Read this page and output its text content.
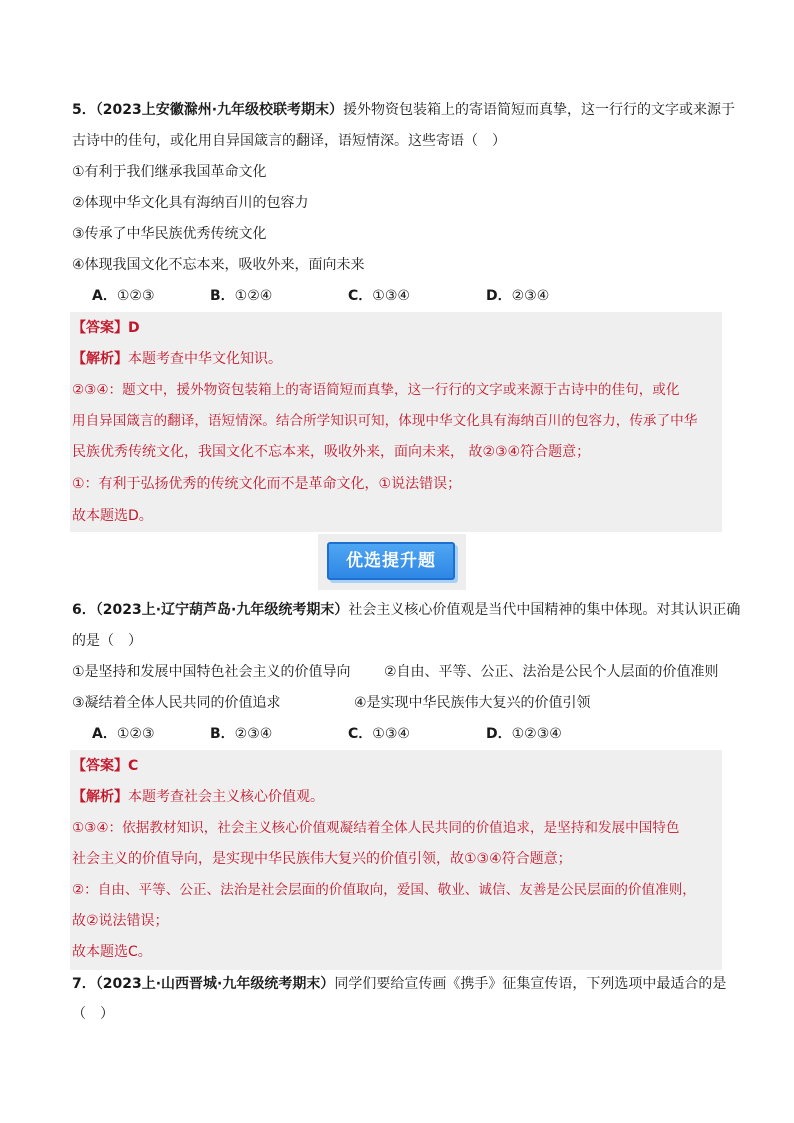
5．（2023上安徽滁州·九年级校联考期末）援外物资包装箱上的寄语简短而真挚，这一行行的文字或来源于
古诗中的佳句，或化用自异国箴言的翻译，语短情深。这些寄语（　）
①有利于我们继承我国革命文化
②体现中华文化具有海纳百川的包容力
③传承了中华民族优秀传统文化
④体现我国文化不忘本来，吸收外来，面向未来
A．①②③	B．①②④	C．①③④	D．②③④
【答案】D
【解析】本题考查中华文化知识。
②③④：题文中，援外物资包装箱上的寄语简短而真挚，这一行行的文字或来源于古诗中的佳句，或化
用自异国箴言的翻译，语短情深。结合所学知识可知，体现中华文化具有海纳百川的包容力，传承了中华
民族优秀传统文化，我国文化不忘本来，吸收外来，面向未来， 故②③④符合题意；
①：有利于弘扬优秀的传统文化而不是革命文化，①说法错误；
故本题选D。
优选提升题
6．（2023上·辽宁葫芦岛·九年级统考期末）社会主义核心价值观是当代中国精神的集中体现。对其认识正确
的是（　）
①是坚持和发展中国特色社会主义的价值导向 ②自由、平等、公正、法治是公民个人层面的价值准则
③凝结着全体人民共同的价值追求	④是实现中华民族伟大复兴的价值引领
A．①②③	B．②③④	C．①③④	D．①②③④
【答案】C
【解析】本题考查社会主义核心价值观。
①③④：依据教材知识，社会主义核心价值观凝结着全体人民共同的价值追求，是坚持和发展中国特色
社会主义的价值导向，是实现中华民族伟大复兴的价值引领，故①③④符合题意；
②：自由、平等、公正、法治是社会层面的价值取向，爱国、敬业、诚信、友善是公民层面的价值准则，
故②说法错误；
故本题选C。
7．（2023上·山西晋城·九年级统考期末）同学们要给宣传画《携手》征集宣传语，下列选项中最适合的是
（　）
